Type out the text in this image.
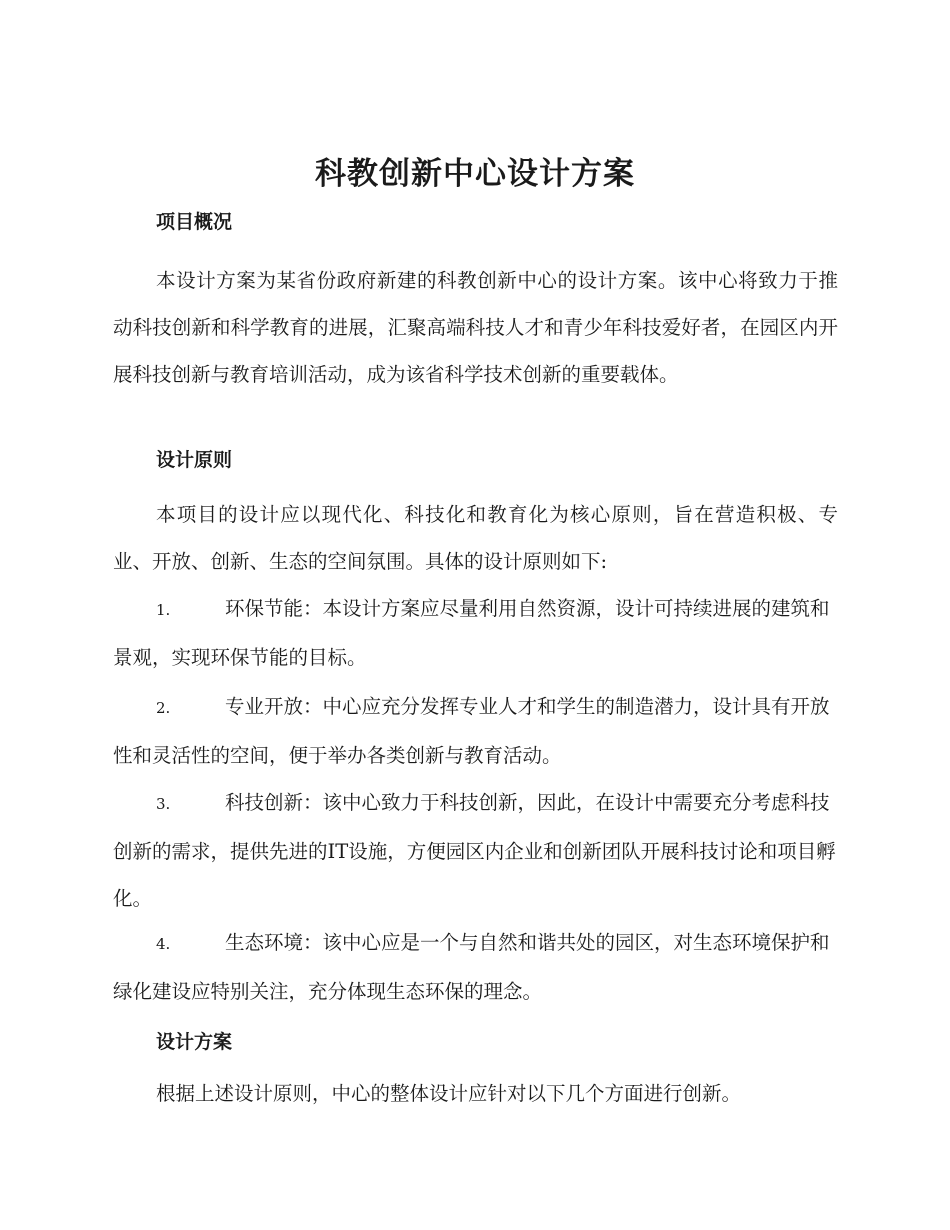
科教创新中心设计方案
项目概况

本设计方案为某省份政府新建的科教创新中心的设计方案。该中心将致力于推动科技创新和科学教育的进展，汇聚高端科技人才和青少年科技爱好者，在园区内开展科技创新与教育培训活动，成为该省科学技术创新的重要载体。

设计原则

本项目的设计应以现代化、科技化和教育化为核心原则，旨在营造积极、专业、开放、创新、生态的空间氛围。具体的设计原则如下:

1.	环保节能：本设计方案应尽量利用自然资源，设计可持续进展的建筑和景观，实现环保节能的目标。
2.	专业开放：中心应充分发挥专业人才和学生的制造潜力，设计具有开放性和灵活性的空间，便于举办各类创新与教育活动。
3.	科技创新：该中心致力于科技创新，因此，在设计中需要充分考虑科技创新的需求，提供先进的IT设施，方便园区内企业和创新团队开展科技讨论和项目孵化。
4.	生态环境：该中心应是一个与自然和谐共处的园区，对生态环境保护和绿化建设应特别关注，充分体现生态环保的理念。
设计方案

根据上述设计原则，中心的整体设计应针对以下几个方面进行创新。
